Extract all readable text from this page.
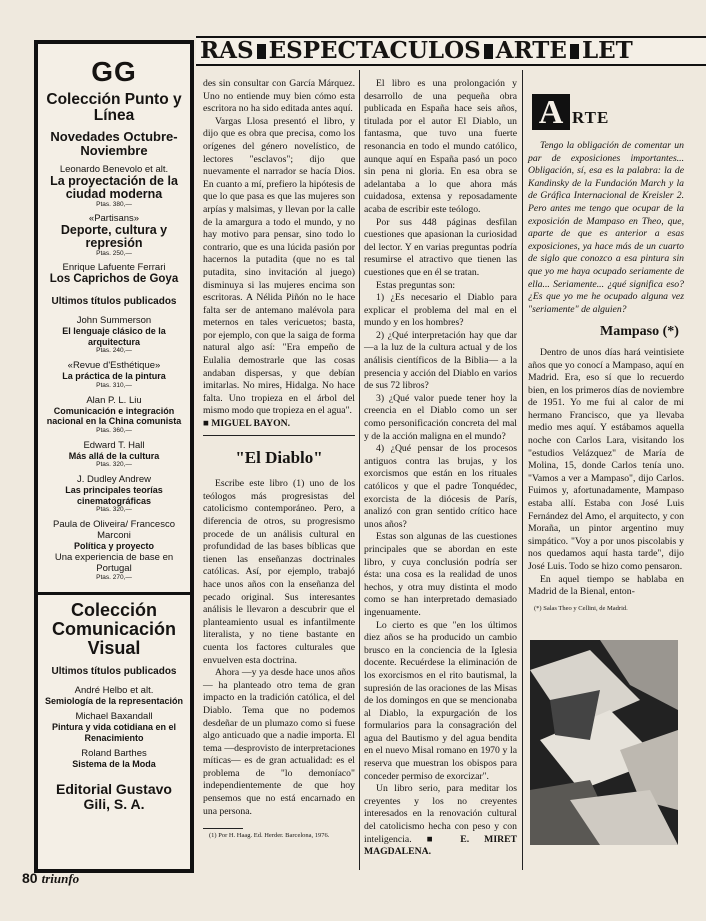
RAS ESPECTACULOS ARTE LET
GG
Colección Punto y Línea
Novedades Octubre-Noviembre
Leonardo Benevolo et alt.
La proyectación de la ciudad moderna
Ptas. 380,—
«Partisans»
Deporte, cultura y represión
Ptas. 250,—
Enrique Lafuente Ferrari
Los Caprichos de Goya
Ultimos títulos publicados
John Summerson
El lenguaje clásico de la arquitectura
Ptas. 240,—
«Revue d'Esthétique»
La práctica de la pintura
Ptas. 310,—
Alan P. L. Liu
Comunicación e integración nacional en la China comunista
Ptas. 360,—
Edward T. Hall
Más allá de la cultura
Ptas. 320,—
J. Dudley Andrew
Las principales teorías cinematográficas
Ptas. 320,—
Paula de Oliveira/ Francesco Marconi
Política y proyecto
Una experiencia de base en Portugal
Ptas. 270,—
Colección Comunicación Visual
Ultimos títulos publicados
André Helbo et alt.
Semiología de la representación
Michael Baxandall
Pintura y vida cotidiana en el Renacimiento
Roland Barthes
Sistema de la Moda
Editorial Gustavo Gili, S. A.

des sin consultar con García Márquez. Uno no entiende muy bien cómo esta escritora no ha sido editada antes aquí.

Vargas Llosa presentó el libro, y dijo que es obra que precisa, como los orígenes del género novelístico, de lectores "esclavos"; dijo que nuevamente el narrador se hacía Dios. En cuanto a mí, prefiero la hipótesis de que lo que pasa es que las mujeres son arpías y malsimas, y llevan por la calle de la amargura a todo el mundo, y no hay motivo para pensar, sino todo lo contrario, que es una lúcida pasión por hacernos la putadita (que no es tal putadita, sino invitación al juego) disminuya si las mujeres encima son escritoras. A Nélida Piñón no le hace falta ser de antemano malévola para meternos en tales vericuetos; basta, por ejemplo, con que la saiga de forma natural algo así: "Era empeño de Eulalia demostrarle que las cosas andaban dispersas, y que debían imitarlas. No mires, Hidalga. No hace falta. Uno tropieza en el árbol del mismo modo que tropieza en el agua".

■ MIGUEL BAYON.

"El Diablo"

Escribe este libro (1) uno de los teólogos más progresistas del catolicismo contemporáneo. Pero, a diferencia de otros, su progresismo procede de un análisis cultural en profundidad de las bases bíblicas que tienen las enseñanzas doctrinales católicas. Así, por ejemplo, trabajó hace unos años con la enseñanza del pecado original. Sus interesantes análisis le llevaron a descubrir que el planteamiento usual es infantilmente literalista, y no tiene bastante en cuenta los factores culturales que envuelven esta doctrina.

Ahora —y ya desde hace unos años— ha planteado otro tema de gran impacto en la tradición católica, el del Diablo. Tema que no podemos desdeñar de un plumazo como si fuese algo anticuado que a nadie importa. El tema —desprovisto de interpretaciones míticas— es de gran actualidad: es el problema de "lo demoníaco" independientemente de que hoy pensemos que no está encarnado en una persona.

(1) Por H. Haag. Ed. Herder. Barcelona, 1976.

El libro es una prolongación y desarrollo de una pequeña obra publicada en España hace seis años, titulada por el autor El Diablo, un fantasma, que tuvo una fuerte resonancia en todo el mundo católico, aunque aquí en España pasó un poco sin pena ni gloria. En esa obra se adelantaba a lo que ahora más cuidadosa, extensa y reposadamente acaba de escribir este teólogo.

Por sus 448 páginas desfilan cuestiones que apasionan la curiosidad del lector. Y en varias preguntas podría resumirse el atractivo que tienen las cuestiones que en él se tratan.

Estas preguntas son:

1) ¿Es necesario el Diablo para explicar el problema del mal en el mundo y en los hombres?

2) ¿Qué interpretación hay que dar —a la luz de la cultura actual y de los análisis científicos de la Biblia— a la presencia y acción del Diablo en varios de sus 72 libros?

3) ¿Qué valor puede tener hoy la creencia en el Diablo como un ser como personificación concreta del mal y de la acción maligna en el mundo?

4) ¿Qué pensar de los procesos antiguos contra las brujas, y los exorcismos que están en los rituales católicos y que el padre Tonquédec, exorcista de la diócesis de París, analizó con gran sentido crítico hace unos años?

Estas son algunas de las cuestiones principales que se abordan en este libro, y cuya conclusión podría ser ésta: una cosa es la realidad de unos hechos, y otra muy distinta el modo como se han interpretado demasiado ingenuamente.

Lo cierto es que "en los últimos diez años se ha producido un cambio brusco en la conciencia de la Iglesia docente. Recuérdese la eliminación de los exorcismos en el rito bautismal, la supresión de las oraciones de las Misas de los domingos en que se mencionaba al Diablo, la expurgación de los formularios para la consagración del agua del Bautismo y del agua bendita en el nuevo Misal romano en 1970 y la reserva que muestran los obispos para conceder permiso de exorcizar".

Un libro serio, para meditar los creyentes y los no creyentes interesados en la renovación cultural del catolicismo hecha con peso y con inteligencia. ■ E. MIRET MAGDALENA.

A RTE

Tengo la obligación de comentar un par de exposiciones importantes... Obligación, sí, esa es la palabra: la de Kandinsky de la Fundación March y la de Gráfica Internacional de Kreisler 2. Pero antes me tengo que ocupar de la exposición de Mampaso en Theo, que, aparte de que es anterior a esas exposiciones, ya hace más de un cuarto de siglo que conozco a esa pintura sin que yo me haya ocupado seriamente de ella... Seriamente... ¿qué significa eso? ¿Es que yo me he ocupado alguna vez "seriamente" de alguien?

Mampaso (*)

Dentro de unos días hará veintisiete años que yo conocí a Mampaso, aquí en Madrid. Era, eso sí que lo recuerdo bien, en los primeros días de noviembre de 1951. Yo me fui al calor de mi hermano Francisco, que ya llevaba medio mes aquí. Y estábamos aquella noche con Carlos Lara, visitando los "estudios Velázquez" de María de Molina, 15, donde Carlos tenía uno. "Vamos a ver a Mampaso", dijo Carlos. Fuimos y, afortunadamente, Mampaso estaba allí. Estaba con José Luis Fernández del Amo, el arquitecto, y con Moraña, un pintor argentino muy simpático. "Voy a por unos piscolabis y nos quedamos aquí hasta tarde", dijo José Luis. Todo se hizo como pensaron.

En aquel tiempo se hablaba en Madrid de la Bienal, enton-

(*) Salas Theo y Cellini, de Madrid.

80 triunfo
